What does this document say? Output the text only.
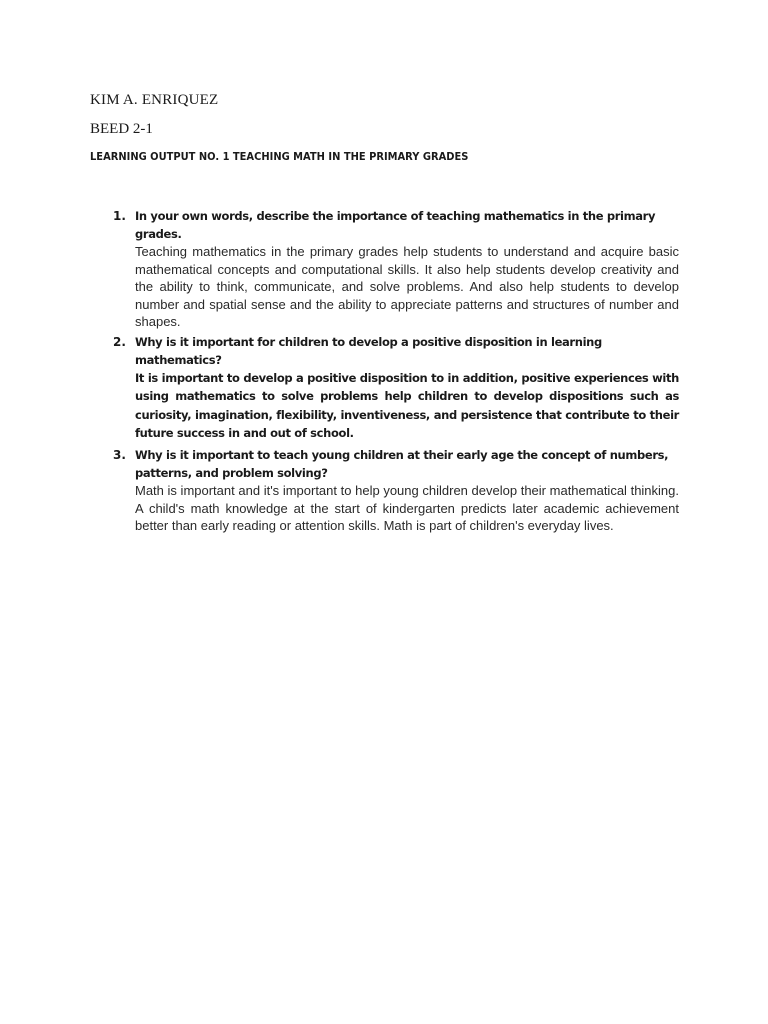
KIM A. ENRIQUEZ
BEED 2-1
LEARNING OUTPUT NO. 1 TEACHING MATH IN THE PRIMARY GRADES
1. In your own words, describe the importance of teaching mathematics in the primary grades.
Teaching mathematics in the primary grades help students to understand and acquire basic mathematical concepts and computational skills. It also help students develop creativity and the ability to think, communicate, and solve problems. And also help students to develop number and spatial sense and the ability to appreciate patterns and structures of number and shapes.
2. Why is it important for children to develop a positive disposition in learning mathematics?
It is important to develop a positive disposition to in addition, positive experiences with using mathematics to solve problems help children to develop dispositions such as curiosity, imagination, flexibility, inventiveness, and persistence that contribute to their future success in and out of school.
3. Why is it important to teach young children at their early age the concept of numbers, patterns, and problem solving?
Math is important and it's important to help young children develop their mathematical thinking. A child's math knowledge at the start of kindergarten predicts later academic achievement better than early reading or attention skills. Math is part of children's everyday lives.
